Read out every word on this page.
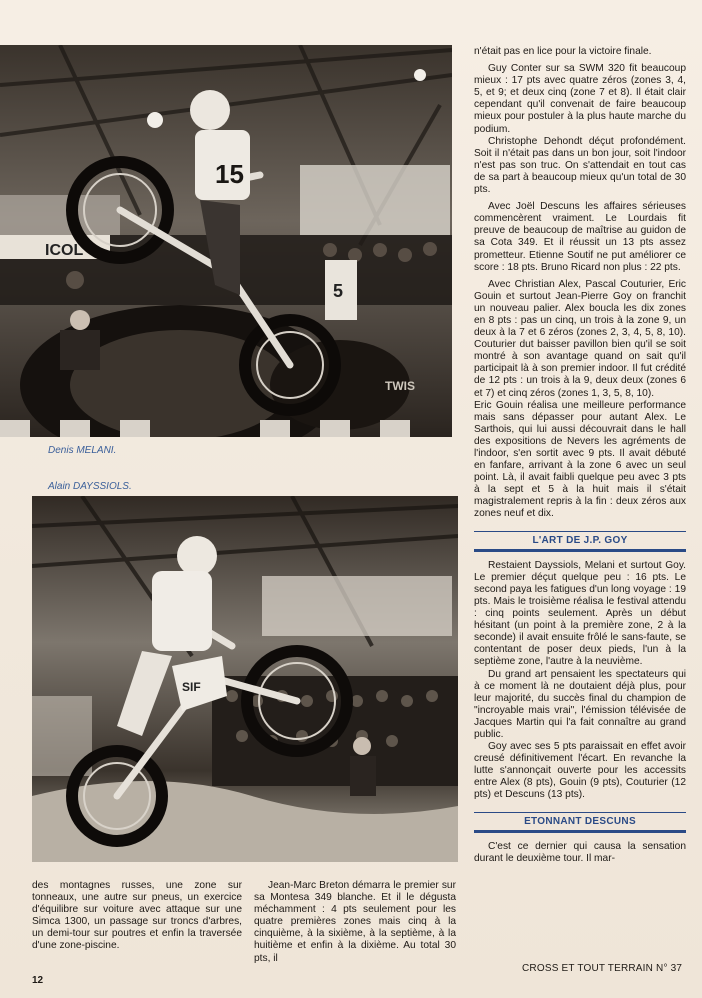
ICOL
5
TWIS
15
Denis MELANI.
Alain DAYSSIOLS.
SIF

n'était pas en lice pour la victoire finale.

Guy Conter sur sa SWM 320 fit beaucoup mieux : 17 pts avec quatre zéros (zones 3, 4, 5, et 9; et deux cinq (zone 7 et 8). Il était clair cependant qu'il convenait de faire beaucoup mieux pour postuler à la plus haute marche du podium.

Christophe Dehondt déçut profondément. Soit il n'était pas dans un bon jour, soit l'indoor n'est pas son truc. On s'attendait en tout cas de sa part à beaucoup mieux qu'un total de 30 pts.

Avec Joël Descuns les affaires sérieuses commencèrent vraiment. Le Lourdais fit preuve de beaucoup de maîtrise au guidon de sa Cota 349. Et il réussit un 13 pts assez prometteur. Etienne Soutif ne put améliorer ce score : 18 pts. Bruno Ricard non plus : 22 pts.

Avec Christian Alex, Pascal Couturier, Eric Gouin et surtout Jean-Pierre Goy on franchit un nouveau palier. Alex boucla les dix zones en 8 pts : pas un cinq, un trois à la zone 9, un deux à la 7 et 6 zéros (zones 2, 3, 4, 5, 8, 10). Couturier dut baisser pavillon bien qu'il se soit montré à son avantage quand on sait qu'il participait là à son premier indoor. Il fut crédité de 12 pts : un trois à la 9, deux deux (zones 6 et 7) et cinq zéros (zones 1, 3, 5, 8, 10).

Eric Gouin réalisa une meilleure performance mais sans dépasser pour autant Alex. Le Sarthois, qui lui aussi découvrait dans le hall des expositions de Nevers les agréments de l'indoor, s'en sortit avec 9 pts. Il avait débuté en fanfare, arrivant à la zone 6 avec un seul point. Là, il avait faibli quelque peu avec 3 pts à la sept et 5 à la huit mais il s'était magistralement repris à la fin : deux zéros aux zones neuf et dix.

L'ART DE J.P. GOY

Restaient Dayssiols, Melani et surtout Goy. Le premier déçut quelque peu : 16 pts. Le second paya les fatigues d'un long voyage : 19 pts. Mais le troisième réalisa le festival attendu : cinq points seulement. Après un début hésitant (un point à la première zone, 2 à la seconde) il avait ensuite frôlé le sans-faute, se contentant de poser deux pieds, l'un à la septième zone, l'autre à la neuvième.

Du grand art pensaient les spectateurs qui à ce moment là ne doutaient déjà plus, pour leur majorité, du succès final du champion de "incroyable mais vrai", l'émission télévisée de Jacques Martin qui l'a fait connaître au grand public.

Goy avec ses 5 pts paraissait en effet avoir creusé définitivement l'écart. En revanche la lutte s'annonçait ouverte pour les accessits entre Alex (8 pts), Gouin (9 pts), Couturier (12 pts) et Descuns (13 pts).

ETONNANT DESCUNS

C'est ce dernier qui causa la sensation durant le deuxième tour. Il mar-

des montagnes russes, une zone sur tonneaux, une autre sur pneus, un exercice d'équilibre sur voiture avec attaque sur une Simca 1300, un passage sur troncs d'arbres, un demi-tour sur poutres et enfin la traversée d'une zone-piscine.

Jean-Marc Breton démarra le premier sur sa Montesa 349 blanche. Et il le dégusta méchamment : 4 pts seulement pour les quatre premières zones mais cinq à la cinquième, à la sixième, à la septième, à la huitième et enfin à la dixième. Au total 30 pts, il

12
CROSS ET TOUT TERRAIN N° 37
